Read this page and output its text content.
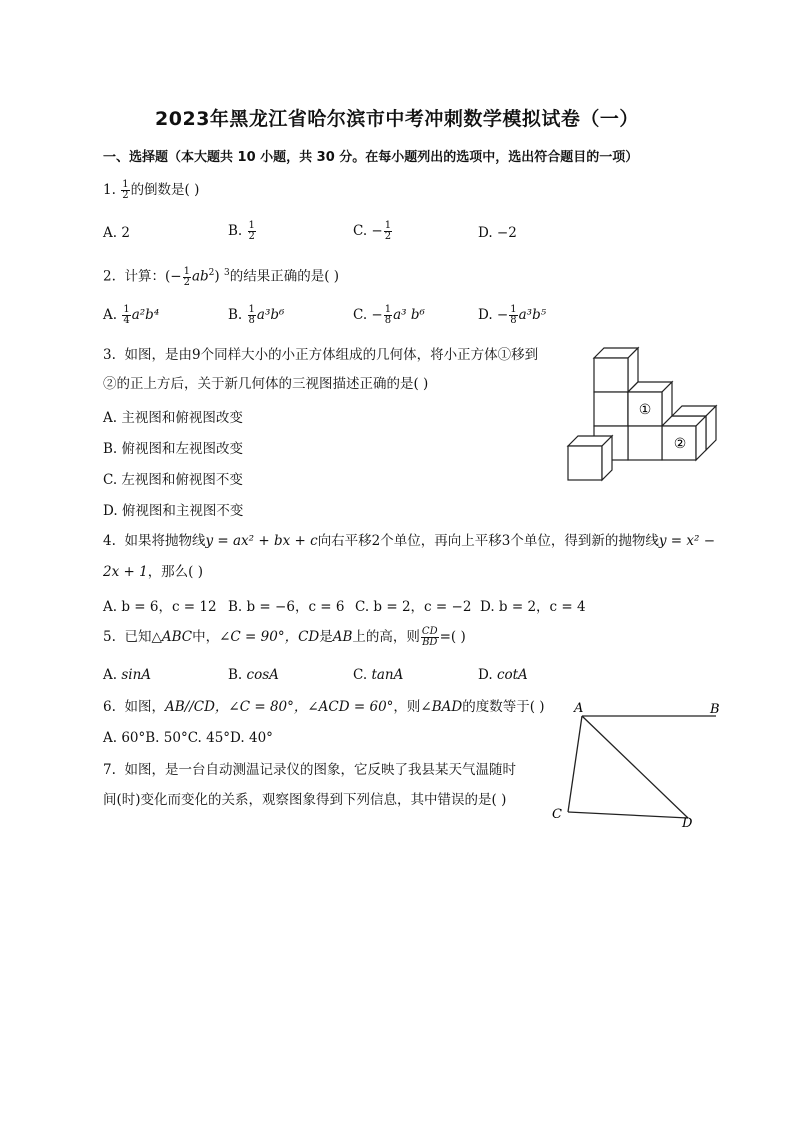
2023年黑龙江省哈尔滨市中考冲刺数学模拟试卷（一）
一、选择题（本大题共 10 小题，共 30 分。在每小题列出的选项中，选出符合题目的一项）
1. $\frac{1}{2}$ 的倒数是( )
A. 2	B. $\frac{1}{2}$	C. − $\frac{1}{2}$	D. −2
2. 计算：(− $\frac{1}{2} ab^2$) $^3$的结果正确的是( )
A. $\frac{1}{4} a^2b^4$	B. $\frac{1}{8} a^3b^6$	C. − $\frac{1}{8} a^3$ b⁶	D. − $\frac{1}{8} a^3b^5$
3. 如图，是由9个同样大小的小正方体组成的几何体，将小正方体①移到
②的正上方后，关于新几何体的三视图描述正确的是( )
A. 主视图和俯视图改变
B. 俯视图和左视图改变
C. 左视图和俯视图不变
D. 俯视图和主视图不变
①
②
4. 如果将抛物线y = ax² + bx + c向右平移2个单位，再向上平移3个单位，得到新的抛物线y = x² −
2x + 1，那么( )
A. b = 6，c = 12 B. b = −6，c = 6 C. b = 2，c = −2 D. b = 2，c = 4
5. 已知△ABC中，∠C = 90°，CD是AB上的高，则 $\frac{CD}{BD}$ =( )
A. sinA	B. cosA	C. tanA	D. cotA
6. 如图，AB//CD，∠C = 80°，∠ACD = 60°，则∠BAD的度数等于( )
A. 60°B. 50°C. 45°D. 40°
A	B
C
D
7. 如图，是一台自动测温记录仪的图象，它反映了我县某天气温随时
间(时)变化而变化的关系，观察图象得到下列信息，其中错误的是( )
